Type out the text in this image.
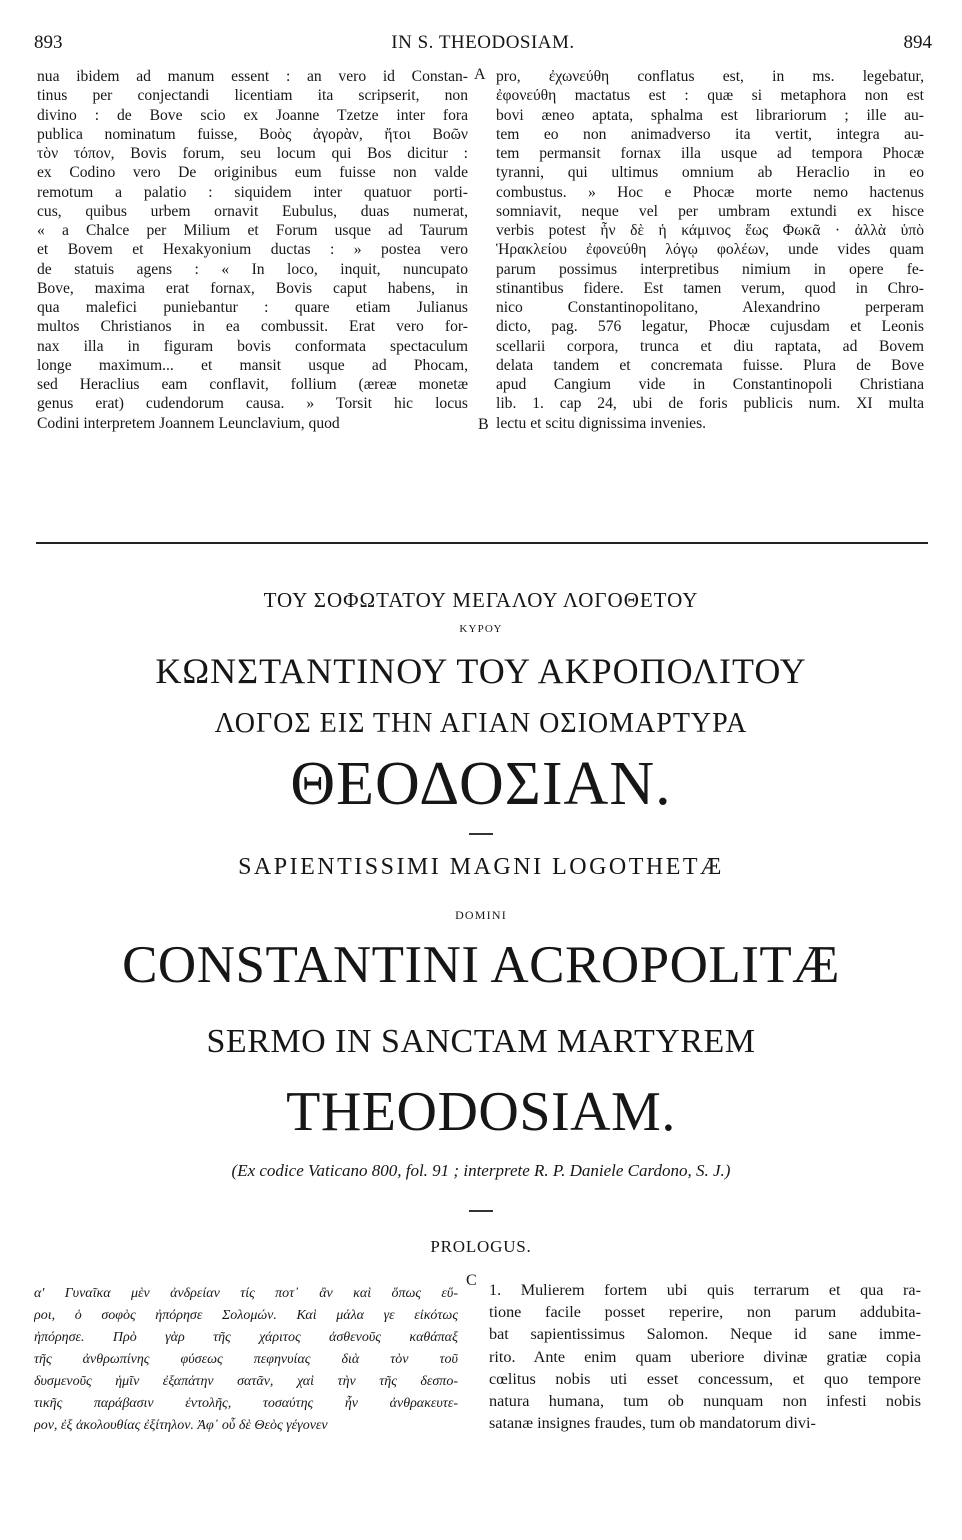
893	IN S. THEODOSIAM.	894
nua ibidem ad manum essent : an vero id Constan-
tinus per conjectandi licentiam ita scripserit, non
divino : de Bove scio ex Joanne Tzetze inter fora
publica nominatum fuisse, Βοὸς ἀγορὰν, ἤτοι Βοῶν
τὸν τόπον, Bovis forum, seu locum qui Bos dicitur :
ex Codino vero De originibus eum fuisse non valde
remotum a palatio : siquidem inter quatuor porti-
cus, quibus urbem ornavit Eubulus, duas numerat,
« a Chalce per Milium et Forum usque ad Taurum
et Bovem et Hexakyonium ductas : » postea vero
de statuis agens : « In loco, inquit, nuncupato
Bove, maxima erat fornax, Bovis caput habens, in
qua malefici puniebantur : quare etiam Julianus
multos Christianos in ea combussit. Erat vero for-
nax illa in figuram bovis conformata spectaculum
longe maximum... et mansit usque ad Phocam,
sed Heraclius eam conflavit, follium (æreæ monetæ
genus erat) cudendorum causa. » Torsit hic locus
Codini interpretem Joannem Leunclavium, quod
pro, ἐχωνεύθη conflatus est, in ms. legebatur,
ἐφονεύθη mactatus est : quæ si metaphora non est
bovi æneo aptata, sphalma est librariorum ; ille au-
tem eo non animadverso ita vertit, integra au-
tem permansit fornax illa usque ad tempora Phocæ
tyranni, qui ultimus omnium ab Heraclio in eo
combustus. » Hoc e Phocæ morte nemo hactenus
somniavit, neque vel per umbram extundi ex hisce
verbis potest ἦν δὲ ἡ κάμινος ἕως Φωκᾶ · ἀλλὰ ὑπὸ
Ἡρακλείου ἐφονεύθη λόγῳ φολέων, unde vides quam
parum possimus interpretibus nimium in opere fe-
stinantibus fidere. Est tamen verum, quod in Chro-
nico Constantinopolitano, Alexandrino perperam
dicto, pag. 576 legatur, Phocæ cujusdam et Leonis
scellarii corpora, trunca et diu raptata, ad Bovem
delata tandem et concremata fuisse. Plura de Bove
apud Cangium vide in Constantinopoli Christiana
lib. 1. cap 24, ubi de foris publicis num. XI multa
lectu et scitu dignissima invenies.
A
B
C
ΤΟΥ ΣΟΦΩΤΑΤΟΥ ΜΕΓΑΛΟΥ ΛΟΓΟΘΕΤΟΥ
ΚΥΡΟΥ
ΚΩΝΣΤΑΝΤΙΝΟΥ ΤΟΥ ΑΚΡΟΠΟΛΙΤΟΥ
ΛΟΓΟΣ ΕΙΣ ΤΗΝ ΑΓΙΑΝ ΟΣΙΟΜΑΡΤΥΡΑ
ΘΕΟΔΟΣΙΑΝ.
SAPIENTISSIMI MAGNI LOGOTHETÆ
DOMINI
CONSTANTINI ACROPOLITÆ
SERMO IN SANCTAM MARTYREM
THEODOSIAM.
(Ex codice Vaticano 800, fol. 91 ; interprete R. P. Daniele Cardono, S. J.)
PROLOGUS.
α' Γυναῖκα μὲν ἀνδρείαν τίς ποτ᾿ ἂν καὶ ὅπως εὕ-
ροι, ὁ σοφὸς ἠπόρησε Σολομών. Καὶ μάλα γε εἰκότως
ἠπόρησε. Πρὸ γὰρ τῆς χάριτος ἀσθενοῦς καθάπαξ
τῆς ἀνθρωπίνης φύσεως πεφηνυίας διὰ τὸν τοῦ
δυσμενοῦς ἡμῖν ἐξαπάτην σατᾶν, χαὶ τὴν τῆς δεσπο-
τικῆς παράβασιν ἐντολῆς, τοσαύτης ἦν ἀνθρακευτε-
ρον, ἐξ ἀκολουθίας ἐξίτηλον. Ἀφ᾿ οὗ δὲ Θεὸς γέγονεν
1. Mulierem fortem ubi quis terrarum et qua ra-
tione facile posset reperire, non parum addubita-
bat sapientissimus Salomon. Neque id sane imme-
rito. Ante enim quam uberiore divinæ gratiæ copia
cœlitus nobis uti esset concessum, et quo tempore
natura humana, tum ob nunquam non infesti nobis
satanæ insignes fraudes, tum ob mandatorum divi-
